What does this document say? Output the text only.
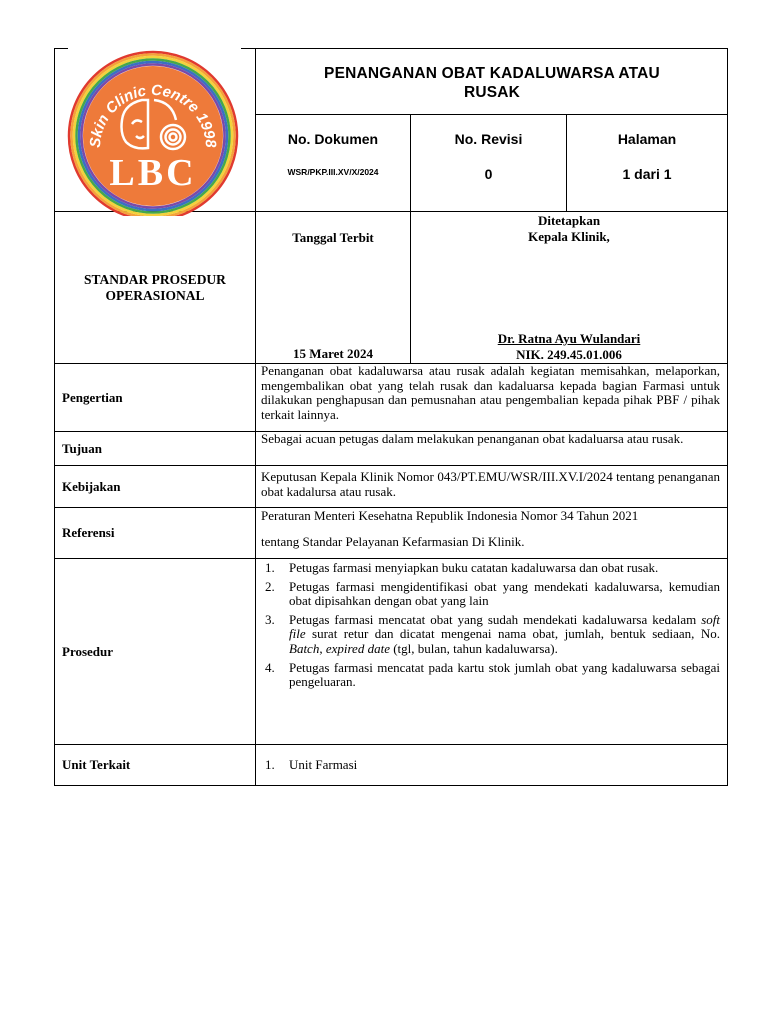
Skin Clinic Centre 1998
LBC
PENANGANAN OBAT KADALUWARSA ATAU
RUSAK
No. Dokumen
WSR/PKP.III.XV/X/2024
No. Revisi
0
Halaman
1 dari 1
STANDAR PROSEDUR
OPERASIONAL
Tanggal Terbit
15 Maret 2024
Ditetapkan
Kepala Klinik,
Dr. Ratna Ayu Wulandari
NIK. 249.45.01.006
Pengertian
Penanganan obat kadaluwarsa atau rusak adalah kegiatan memisahkan, melaporkan, mengembalikan obat yang telah rusak dan kadaluarsa kepada bagian Farmasi untuk dilakukan penghapusan dan pemusnahan atau pengembalian kepada pihak PBF / pihak terkait lainnya.
Tujuan
Sebagai acuan petugas dalam melakukan penanganan obat kadaluarsa atau rusak.
Kebijakan
Keputusan Kepala Klinik Nomor 043/PT.EMU/WSR/III.XV.I/2024 tentang penanganan obat kadalursa atau rusak.
Referensi
Peraturan Menteri Kesehatna Republik Indonesia Nomor 34 Tahun 2021
tentang Standar Pelayanan Kefarmasian Di Klinik.
Prosedur
1. Petugas farmasi menyiapkan buku catatan kadaluwarsa dan obat rusak.
2. Petugas farmasi mengidentifikasi obat yang mendekati kadaluwarsa, kemudian obat dipisahkan dengan obat yang lain
3. Petugas farmasi mencatat obat yang sudah mendekati kadaluwarsa kedalam soft file surat retur dan dicatat mengenai nama obat, jumlah, bentuk sediaan, No. Batch, expired date (tgl, bulan, tahun kadaluwarsa).
4. Petugas farmasi mencatat pada kartu stok jumlah obat yang kadaluwarsa sebagai pengeluaran.
Unit Terkait	1. Unit Farmasi
